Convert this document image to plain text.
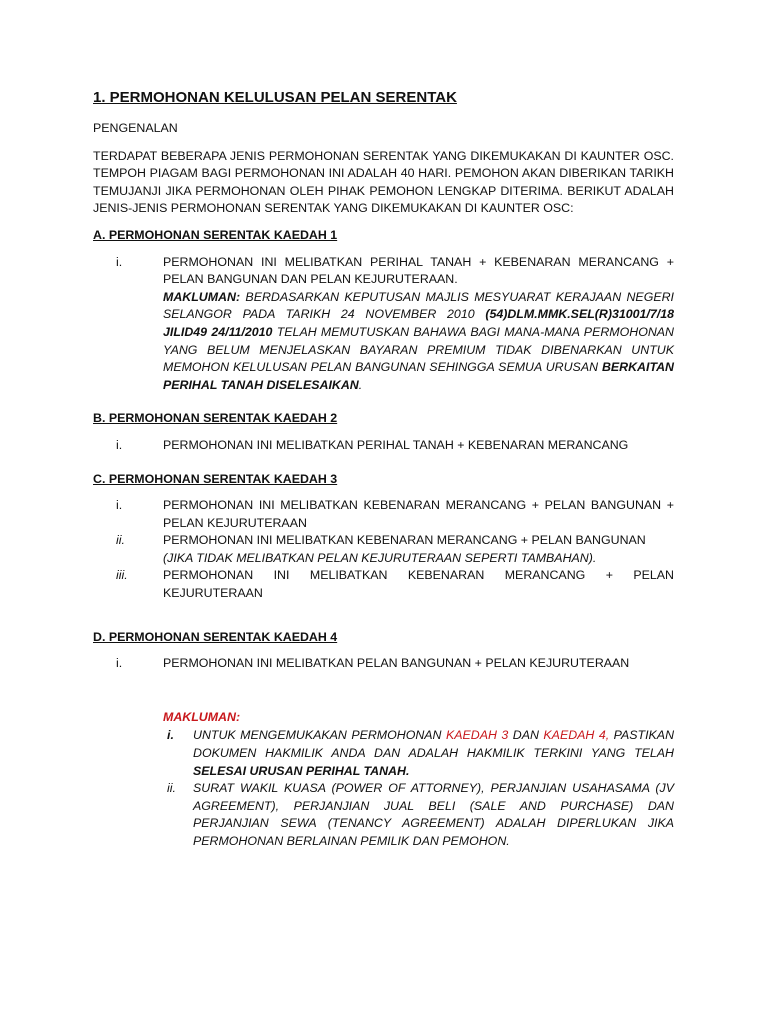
1. PERMOHONAN KELULUSAN PELAN SERENTAK
PENGENALAN
TERDAPAT BEBERAPA JENIS PERMOHONAN SERENTAK YANG DIKEMUKAKAN DI KAUNTER OSC. TEMPOH PIAGAM BAGI PERMOHONAN INI ADALAH 40 HARI. PEMOHON AKAN DIBERIKAN TARIKH TEMUJANJI JIKA PERMOHONAN OLEH PIHAK PEMOHON LENGKAP DITERIMA. BERIKUT ADALAH JENIS-JENIS PERMOHONAN SERENTAK YANG DIKEMUKAKAN DI KAUNTER OSC:
A. PERMOHONAN SERENTAK KAEDAH 1
i.	PERMOHONAN INI MELIBATKAN PERIHAL TANAH + KEBENARAN MERANCANG + PELAN BANGUNAN DAN PELAN KEJURUTERAAN.
MAKLUMAN: BERDASARKAN KEPUTUSAN MAJLIS MESYUARAT KERAJAAN NEGERI SELANGOR PADA TARIKH 24 NOVEMBER 2010 (54)DLM.MMK.SEL(R)31001/7/18 JILID49 24/11/2010 TELAH MEMUTUSKAN BAHAWA BAGI MANA-MANA PERMOHONAN YANG BELUM MENJELASKAN BAYARAN PREMIUM TIDAK DIBENARKAN UNTUK MEMOHON KELULUSAN PELAN BANGUNAN SEHINGGA SEMUA URUSAN BERKAITAN PERIHAL TANAH DISELESAIKAN.
B. PERMOHONAN SERENTAK KAEDAH 2
i.	PERMOHONAN INI MELIBATKAN PERIHAL TANAH + KEBENARAN MERANCANG
C. PERMOHONAN SERENTAK KAEDAH 3
i.	PERMOHONAN INI MELIBATKAN KEBENARAN MERANCANG + PELAN BANGUNAN + PELAN KEJURUTERAAN
ii.	PERMOHONAN INI MELIBATKAN KEBENARAN MERANCANG + PELAN BANGUNAN
(JIKA TIDAK MELIBATKAN PELAN KEJURUTERAAN SEPERTI TAMBAHAN).
iii.	PERMOHONAN INI MELIBATKAN KEBENARAN MERANCANG + PELAN KEJURUTERAAN
D. PERMOHONAN SERENTAK KAEDAH 4
i.	PERMOHONAN INI MELIBATKAN PELAN BANGUNAN + PELAN KEJURUTERAAN
MAKLUMAN:
i.	UNTUK MENGEMUKAKAN PERMOHONAN KAEDAH 3 DAN KAEDAH 4, PASTIKAN DOKUMEN HAKMILIK ANDA DAN ADALAH HAKMILIK TERKINI YANG TELAH SELESAI URUSAN PERIHAL TANAH.
ii.	SURAT WAKIL KUASA (POWER OF ATTORNEY), PERJANJIAN USAHASAMA (JV AGREEMENT), PERJANJIAN JUAL BELI (SALE AND PURCHASE) DAN PERJANJIAN SEWA (TENANCY AGREEMENT) ADALAH DIPERLUKAN JIKA PERMOHONAN BERLAINAN PEMILIK DAN PEMOHON.
